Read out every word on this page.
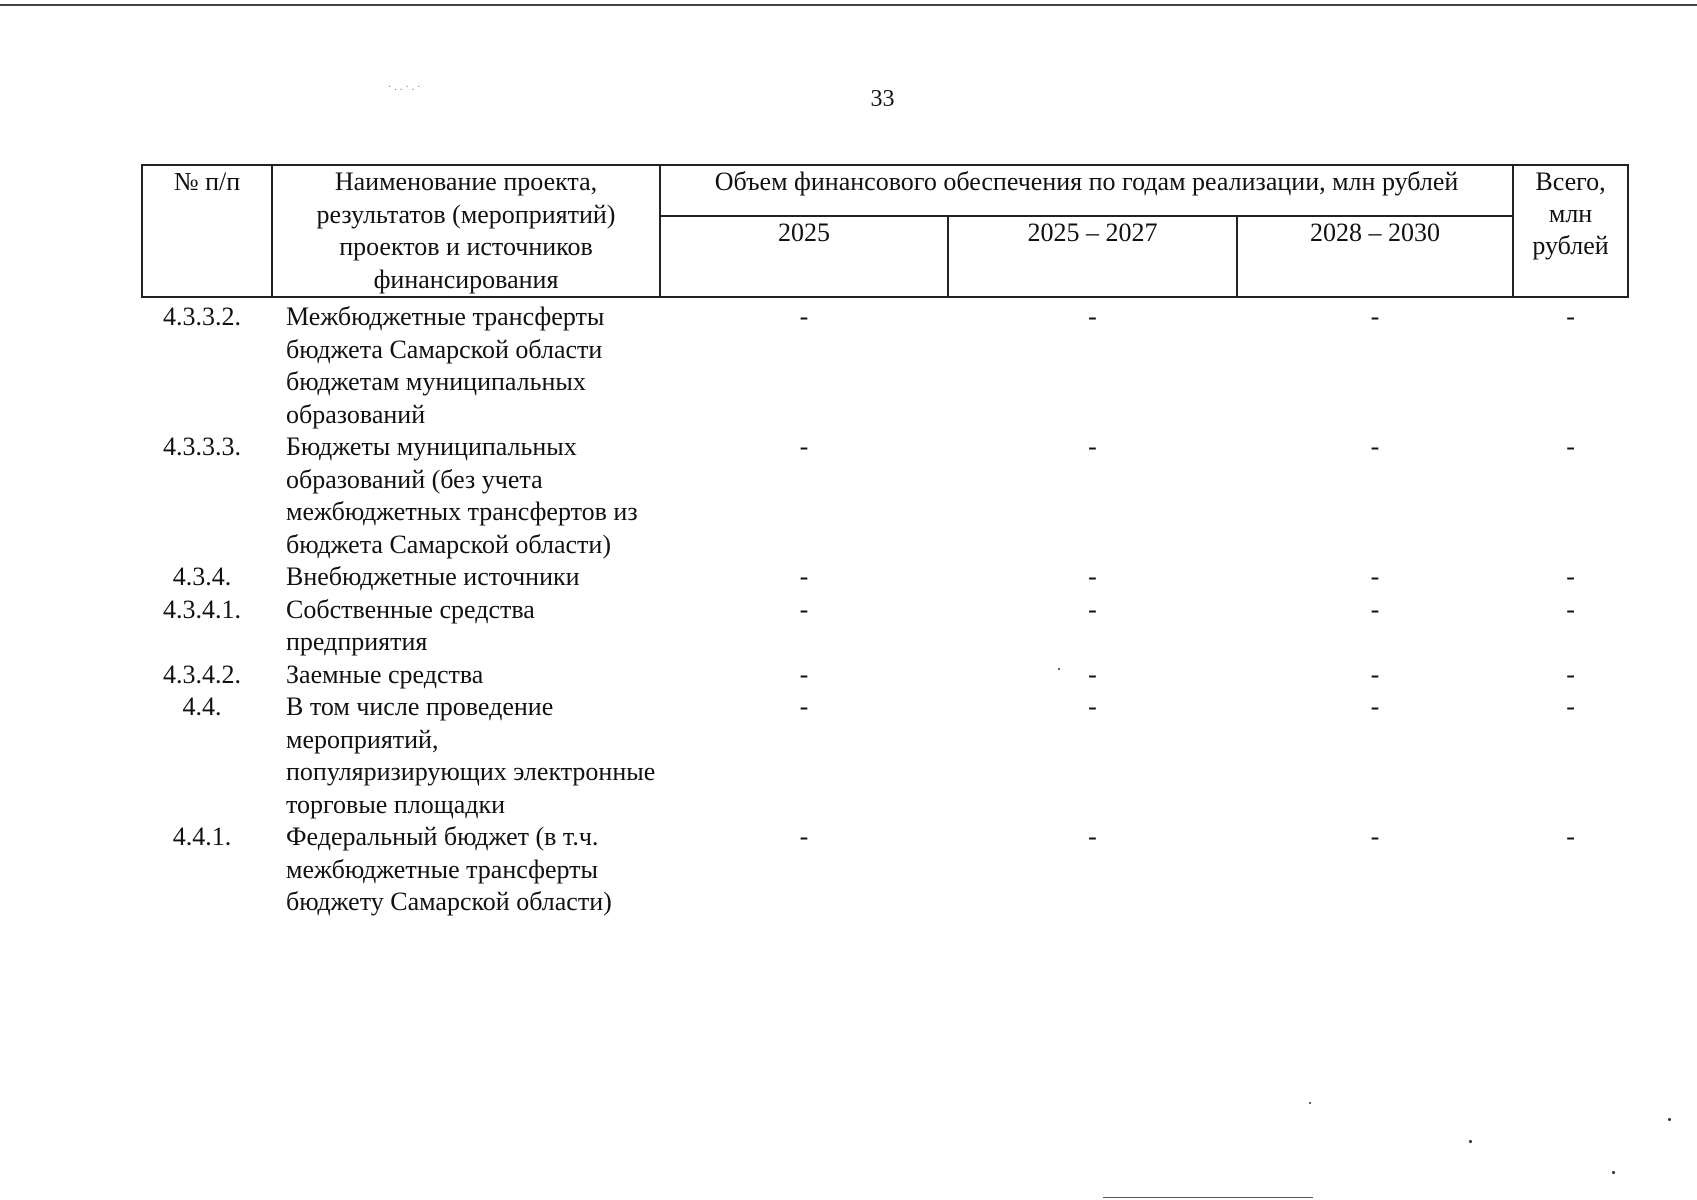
·..·.·	33
№ п/п	Наименование проекта, результатов (мероприятий) проектов и источников финансирования	Объем финансового обеспечения по годам реализации, млн рублей			Всего, млн рублей
		2025	2025 – 2027	2028 – 2030	
4.3.3.2.	Межбюджетные трансферты бюджета Самарской области бюджетам муниципальных образований	-	-	-	-
4.3.3.3.	Бюджеты муниципальных образований (без учета межбюджетных трансфертов из бюджета Самарской области)	-	-	-	-
4.3.4.	Внебюджетные источники	-	-	-	-
4.3.4.1.	Собственные средства предприятия	-	-	-	-
4.3.4.2.	Заемные средства	-	-	-	-
4.4.	В том числе проведение мероприятий, популяризирующих электронные торговые площадки	-	-	-	-
4.4.1.	Федеральный бюджет (в т.ч. межбюджетные трансферты бюджету Самарской области)	-	-	-	-
